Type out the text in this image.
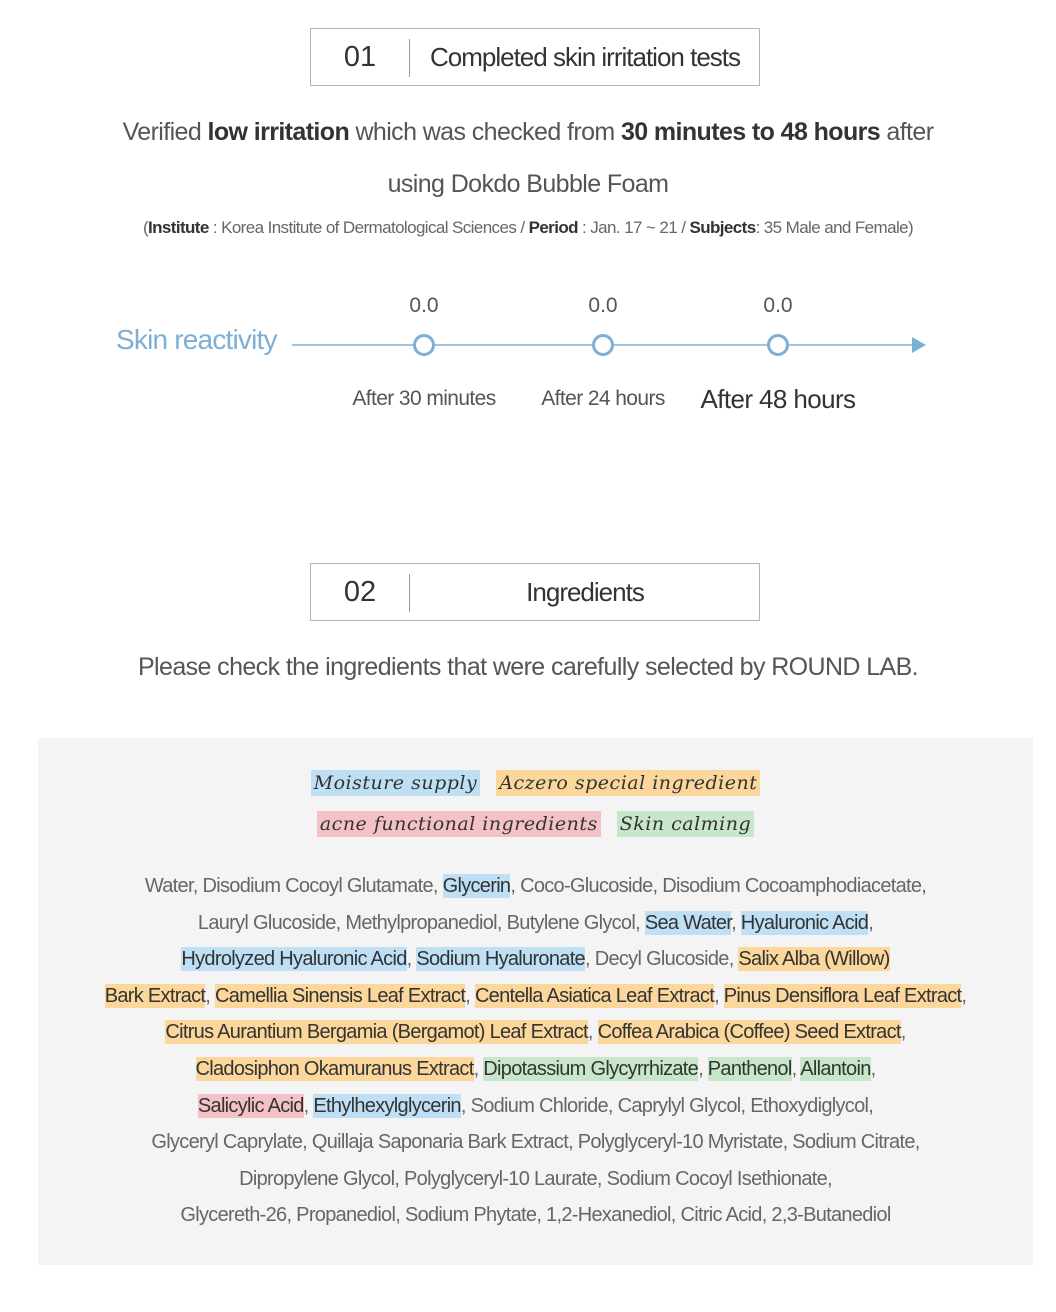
01	Completed skin irritation tests
Verified low irritation which was checked from 30 minutes to 48 hours after
using Dokdo Bubble Foam
(Institute : Korea Institute of Dermatological Sciences / Period : Jan. 17 ~ 21 / Subjects: 35 Male and Female)
Skin reactivity
0.0
After 30 minutes
0.0
After 24 hours
0.0
After 48 hours
02	Ingredients
Please check the ingredients that were carefully selected by ROUND LAB.
Moisture supply Aczero special ingredient
acne functional ingredients Skin calming
Water, Disodium Cocoyl Glutamate, Glycerin, Coco-Glucoside, Disodium Cocoamphodiacetate,
Lauryl Glucoside, Methylpropanediol, Butylene Glycol, Sea Water, Hyaluronic Acid,
Hydrolyzed Hyaluronic Acid, Sodium Hyaluronate, Decyl Glucoside, Salix Alba (Willow)
Bark Extract, Camellia Sinensis Leaf Extract, Centella Asiatica Leaf Extract, Pinus Densiflora Leaf Extract,
Citrus Aurantium Bergamia (Bergamot) Leaf Extract, Coffea Arabica (Coffee) Seed Extract,
Cladosiphon Okamuranus Extract, Dipotassium Glycyrrhizate, Panthenol, Allantoin,
Salicylic Acid, Ethylhexylglycerin, Sodium Chloride, Caprylyl Glycol, Ethoxydiglycol,
Glyceryl Caprylate, Quillaja Saponaria Bark Extract, Polyglyceryl-10 Myristate, Sodium Citrate,
Dipropylene Glycol, Polyglyceryl-10 Laurate, Sodium Cocoyl Isethionate,
Glycereth-26, Propanediol, Sodium Phytate, 1,2-Hexanediol, Citric Acid, 2,3-Butanediol
